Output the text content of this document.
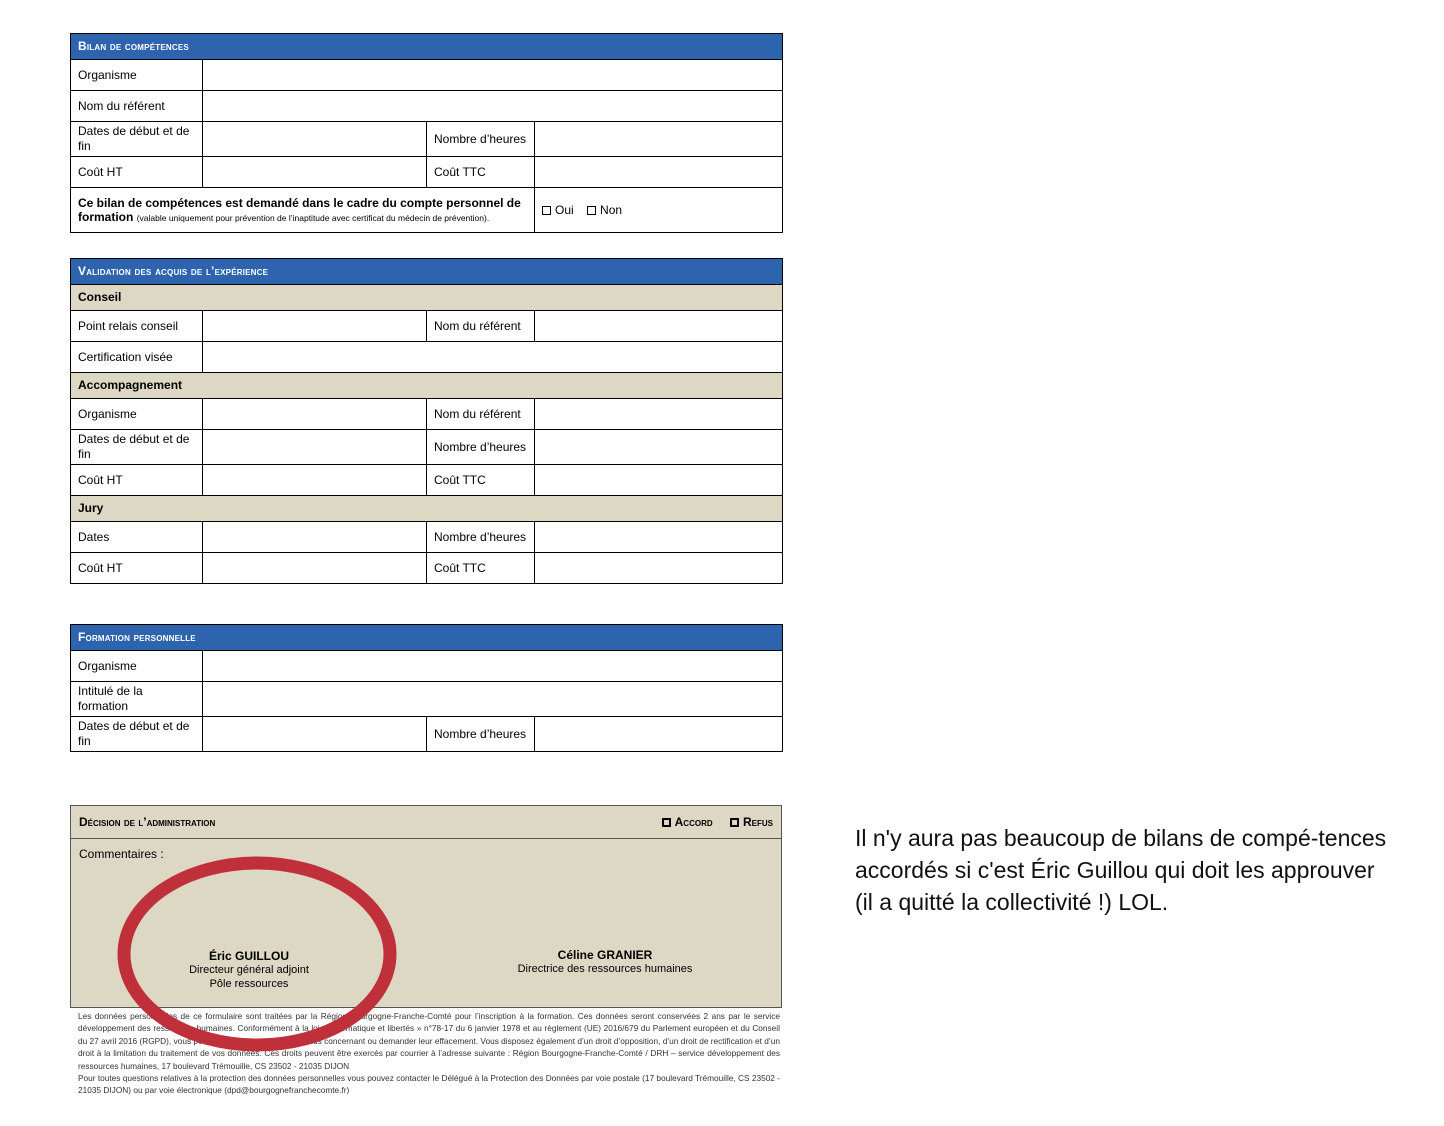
Bilan de compétences			
Organisme			
Nom du référent			
Dates de début et de fin		Nombre d’heures	
Coût HT		Coût TTC	
Ce bilan de compétences est demandé dans le cadre du compte personnel de formation (valable uniquement pour prévention de l’inaptitude avec certificat du médecin de prévention).			Oui Non
Validation des acquis de l’expérience			
Conseil			
Point relais conseil		Nom du référent	
Certification visée			
Accompagnement			
Organisme		Nom du référent	
Dates de début et de fin		Nombre d’heures	
Coût HT		Coût TTC	
Jury			
Dates		Nombre d’heures	
Coût HT		Coût TTC	
Formation personnelle			
Organisme			
Intitulé de la formation			
Dates de début et de fin		Nombre d’heures	
Décision de l’administration	Accord	Refus
Commentaires :
Éric GUILLOU
Directeur général adjoint
Pôle ressources
Céline GRANIER
Directrice des ressources humaines
Les données personnelles de ce formulaire sont traitées par la Région Bourgogne-Franche-Comté pour l’inscription à la formation. Ces données seront conservées 2 ans par le service développement des ressources humaines. Conformément à la loi « informatique et libertés » n°78-17 du 6 janvier 1978 et au règlement (UE) 2016/679 du Parlement européen et du Conseil du 27 avril 2016 (RGPD), vous pouvez accéder aux données vous concernant ou demander leur effacement. Vous disposez également d’un droit d’opposition, d’un droit de rectification et d’un droit à la limitation du traitement de vos données. Ces droits peuvent être exercés par courrier à l’adresse suivante : Région Bourgogne-Franche-Comté / DRH – service développement des ressources humaines, 17 boulevard Trémouille, CS 23502 - 21035 DIJON
Pour toutes questions relatives à la protection des données personnelles vous pouvez contacter le Délégué à la Protection des Données par voie postale (17 boulevard Trémouille, CS 23502 - 21035 DIJON) ou par voie électronique (dpd@bourgognefranchecomte.fr)
Il n'y aura pas beaucoup de bilans de compé-tences accordés si c'est Éric Guillou qui doit les approuver (il a quitté la collectivité !) LOL.
